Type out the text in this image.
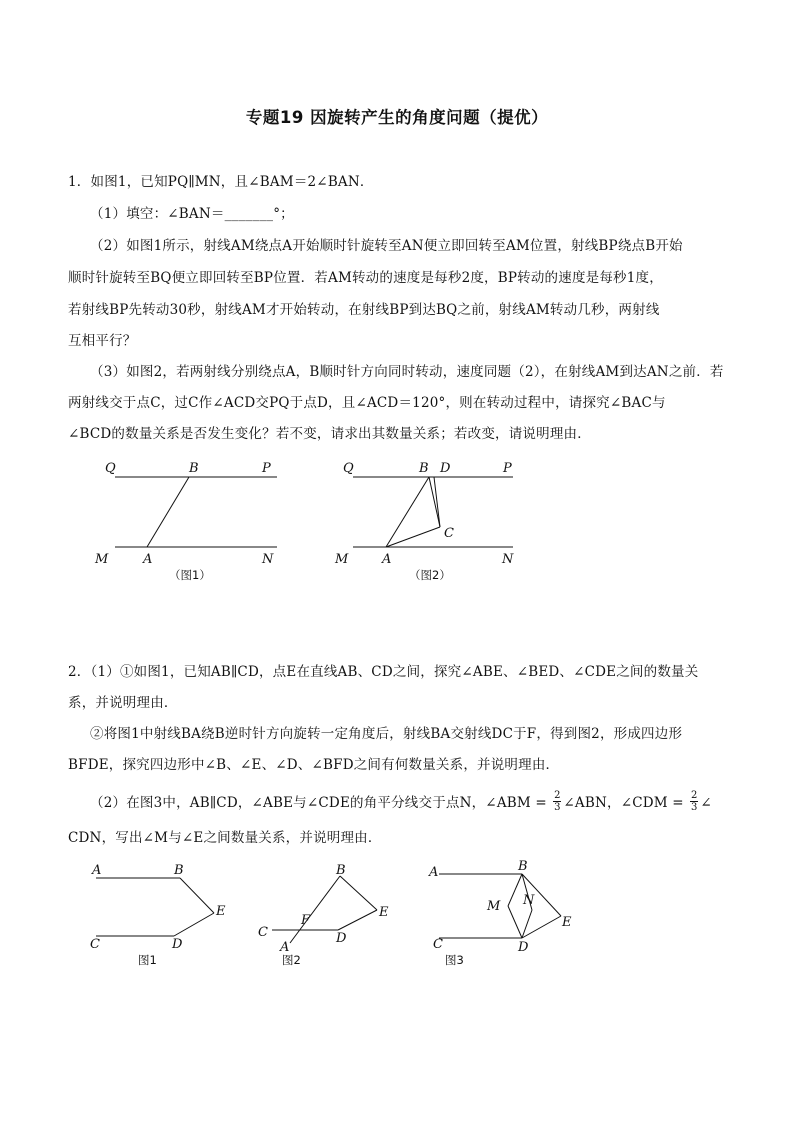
专题19 因旋转产生的角度问题（提优）
1．如图1，已知PQ∥MN，且∠BAM＝2∠BAN．
（1）填空：∠BAN＝_______°；
（2）如图1所示，射线AM绕点A开始顺时针旋转至AN便立即回转至AM位置，射线BP绕点B开始
顺时针旋转至BQ便立即回转至BP位置．若AM转动的速度是每秒2度，BP转动的速度是每秒1度，
若射线BP先转动30秒，射线AM才开始转动，在射线BP到达BQ之前，射线AM转动几秒，两射线
互相平行？
（3）如图2，若两射线分别绕点A，B顺时针方向同时转动，速度同题（2），在射线AM到达AN之前．若
两射线交于点C，过C作∠ACD交PQ于点D，且∠ACD＝120°，则在转动过程中，请探究∠BAC与
∠BCD的数量关系是否发生变化？若不变，请求出其数量关系；若改变，请说明理由．
Q	B	P
M	A	N
（图1）
Q	B D	P
C
M	A	N
（图2）
2．（1）①如图1，已知AB∥CD，点E在直线AB、CD之间，探究∠ABE、∠BED、∠CDE之间的数量关
系，并说明理由．
②将图1中射线BA绕B逆时针方向旋转一定角度后，射线BA交射线DC于F，得到图2，形成四边形
BFDE，探究四边形中∠B、∠E、∠D、∠BFD之间有何数量关系，并说明理由．
（2）在图3中，AB∥CD，∠ABE与∠CDE的角平分线交于点N，∠ABM = $\frac{2}{3}$ ∠ABN，∠CDM = $\frac{2}{3}$ ∠
CDN，写出∠M与∠E之间数量关系，并说明理由．
A	B
E
C	D
图1
B
E
F
C	D
A
图2
A	B
M N
E
C	D
图3
